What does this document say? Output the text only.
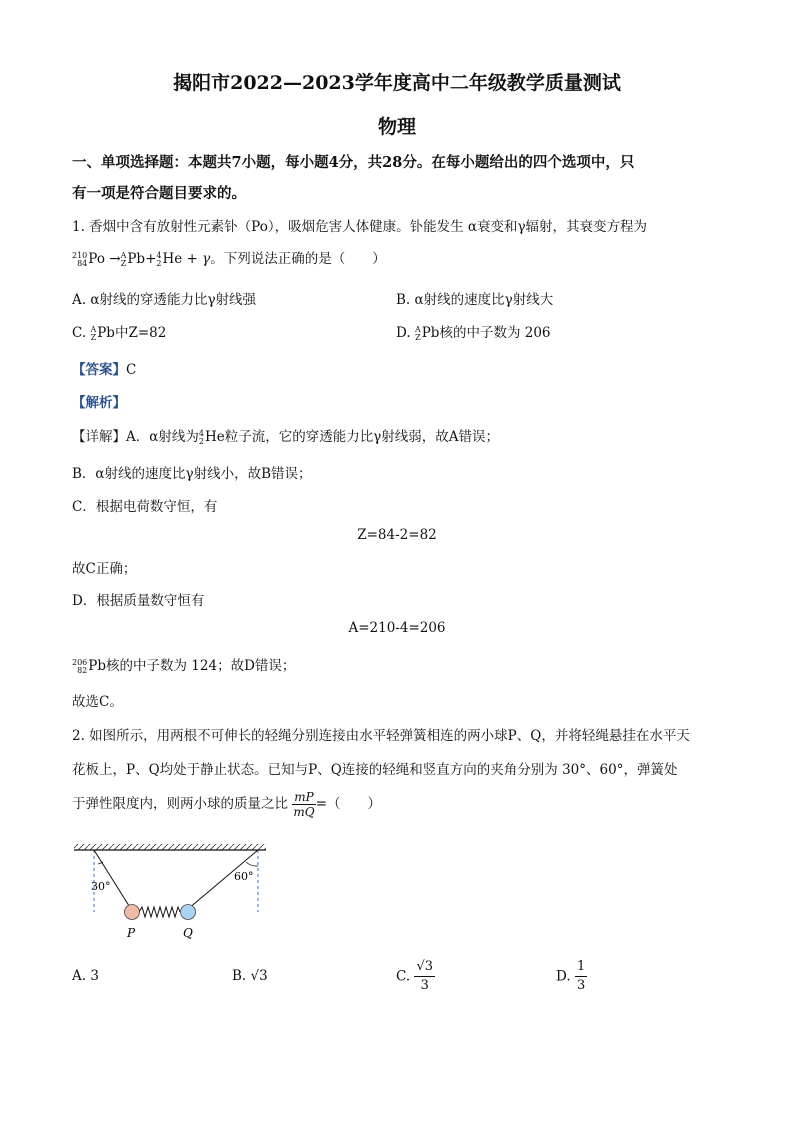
揭阳市2022—2023学年度高中二年级教学质量测试
物理
一、单项选择题：本题共7小题，每小题4分，共28分。在每小题给出的四个选项中，只
有一项是符合题目要求的。
1. 香烟中含有放射性元素钋（Po），吸烟危害人体健康。钋能发生 α衰变和γ辐射，其衰变方程为
210
84Po →A
ZPb+4
2He + γ。下列说法正确的是（　　）
A. α射线的穿透能力比γ射线强	B. α射线的速度比γ射线大
C. A
ZPb中Z=82	D. A
ZPb核的中子数为 206
【答案】C
【解析】
【详解】A．α射线为4
2He粒子流，它的穿透能力比γ射线弱，故A错误；
B．α射线的速度比γ射线小，故B错误；
C．根据电荷数守恒，有
Z=84-2=82
故C正确；
D．根据质量数守恒有
A=210-4=206
206
82Pb核的中子数为 124；故D错误；
故选C。
2. 如图所示，用两根不可伸长的轻绳分别连接由水平轻弹簧相连的两小球P、Q，并将轻绳悬挂在水平天
花板上，P、Q均处于静止状态。已知与P、Q连接的轻绳和竖直方向的夹角分别为 30°、60°，弹簧处
于弹性限度内，则两小球的质量之比 $\frac{mP}{mQ}$ =（　　）
30°
60°
P	Q
A. 3	B. √3	C. $\frac{√3}{3}$	D. $\frac{1}{3}$
